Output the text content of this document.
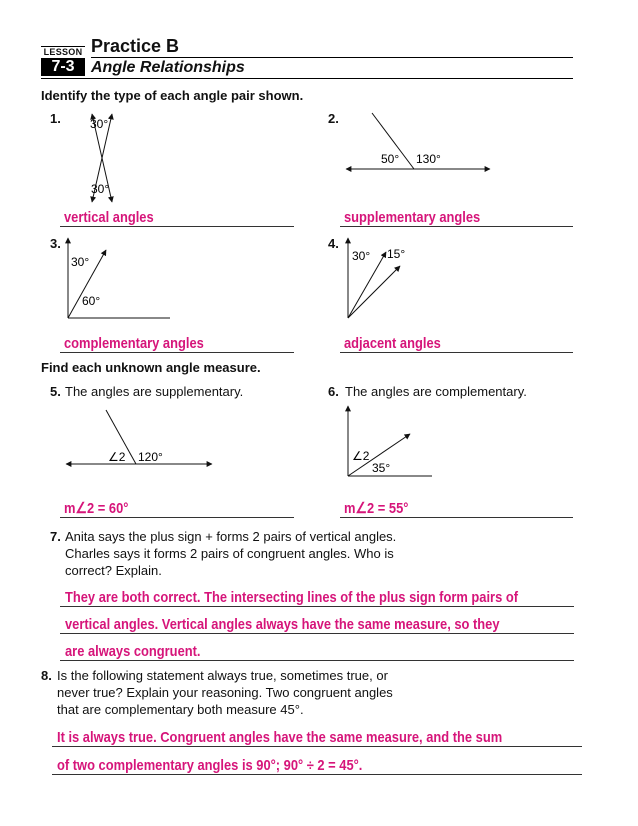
LESSON
7-3
Practice B
Angle Relationships
Identify the type of each angle pair shown.
1. 30°
30°
vertical angles
2.
50° 130°
supplementary angles
3.
30°
60°
complementary angles
4.
30° 15°
adjacent angles
Find each unknown angle measure.
5. The angles are supplementary.
∠2 120°
m∠2 = 60°
6. The angles are complementary.
∠2
35°
m∠2 = 55°
7. Anita says the plus sign + forms 2 pairs of vertical angles.
Charles says it forms 2 pairs of congruent angles. Who is
correct? Explain.
They are both correct. The intersecting lines of the plus sign form pairs of
vertical angles. Vertical angles always have the same measure, so they
are always congruent.
8. Is the following statement always true, sometimes true, or
never true? Explain your reasoning. Two congruent angles
that are complementary both measure 45°.
It is always true. Congruent angles have the same measure, and the sum
of two complementary angles is 90°; 90° ÷ 2 = 45°.
